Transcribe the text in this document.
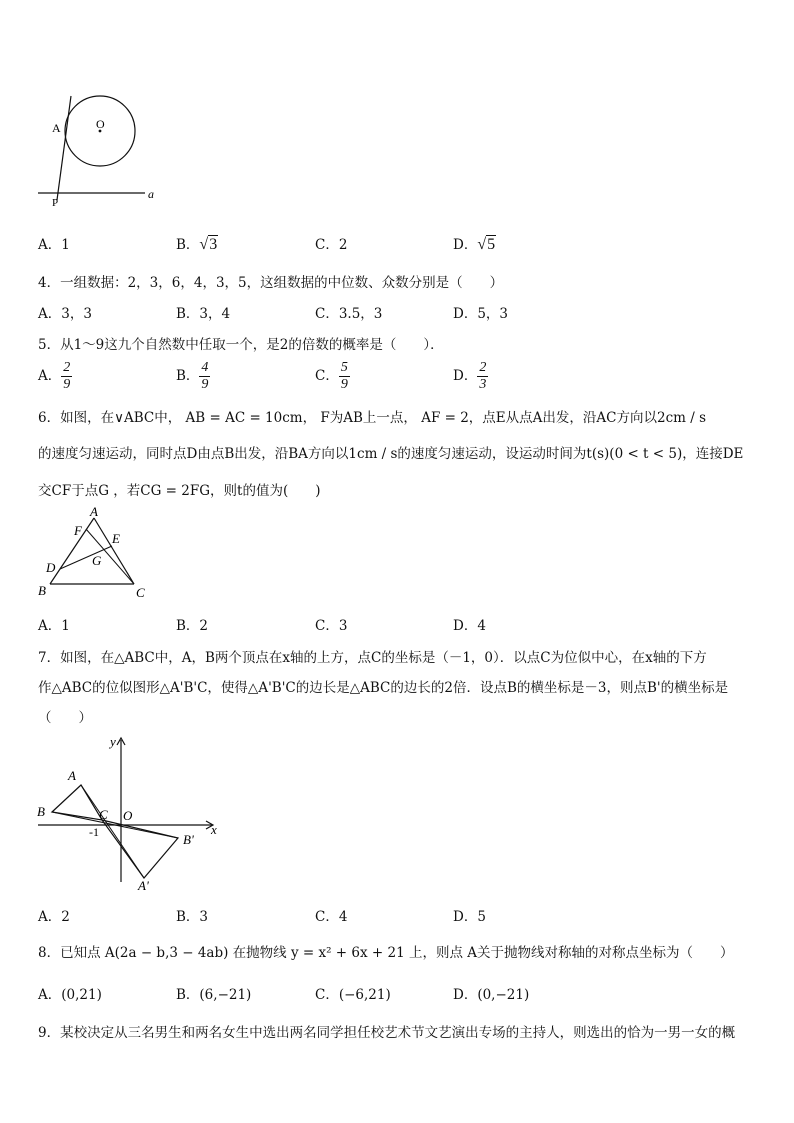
A	O
P
a
A．1	B．√3	C．2	D．√5
4．一组数据：2，3，6，4，3，5，这组数据的中位数、众数分别是（　　）
A．3，3	B．3，4	C．3.5，3	D．5，3
5．从1～9这九个自然数中任取一个，是2的倍数的概率是（　　）．
A． $\frac{2}{9}$	B． $\frac{4}{9}$	C． $\frac{5}{9}$	D． $\frac{2}{3}$
6．如图，在∨ABC中， AB = AC = 10cm， F为AB上一点， AF = 2，点E从点A出发，沿AC方向以2cm / s
的速度匀速运动，同时点D由点B出发，沿BA方向以1cm / s的速度匀速运动，设运动时间为t(s)(0 < t < 5)，连接DE
交CF于点G ，若CG = 2FG，则t的值为(　　)
A
F
E
G
D
B	C
A．1	B．2	C．3	D．4
7．如图，在△ABC中，A，B两个顶点在x轴的上方，点C的坐标是（－1，0）．以点C为位似中心，在x轴的下方
作△ABC的位似图形△A'B'C，使得△A'B'C的边长是△ABC的边长的2倍．设点B的横坐标是－3，则点B'的横坐标是
（　　）
y
A
B	C O
-1	x
B'
A'
A．2	B．3	C．4	D．5
8．已知点 A(2a − b,3 − 4ab) 在抛物线 y = x² + 6x + 21 上，则点 A关于抛物线对称轴的对称点坐标为（　　）
A．(0,21)	B．(6,−21)	C．(−6,21)	D．(0,−21)
9．某校决定从三名男生和两名女生中选出两名同学担任校艺术节文艺演出专场的主持人，则选出的恰为一男一女的概
